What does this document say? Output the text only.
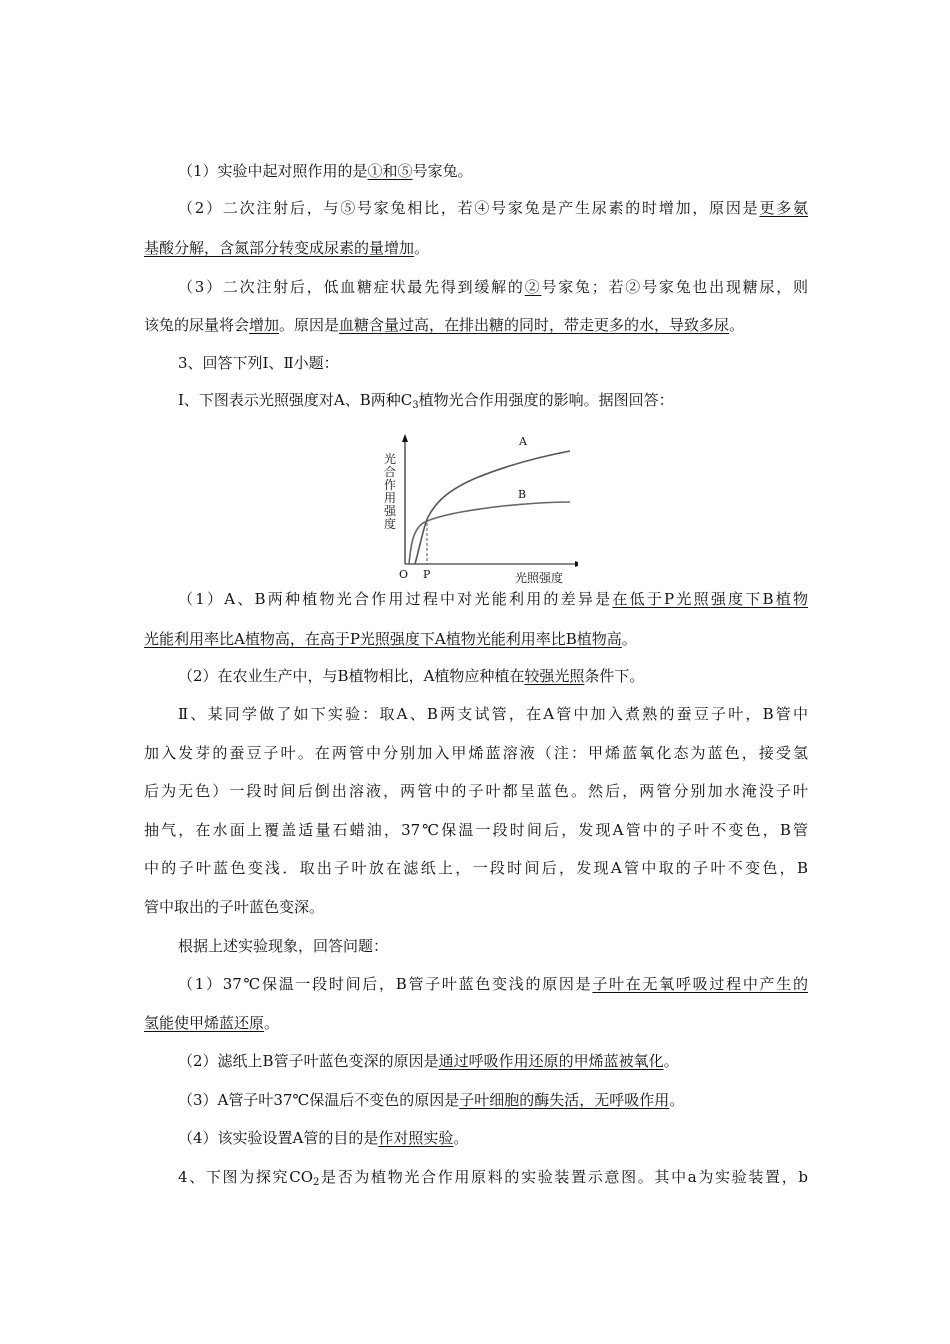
（1）实验中起对照作用的是①和⑤号家兔。
（2）二次注射后，与⑤号家兔相比，若④号家兔是产生尿素的时增加，原因是更多氨
基酸分解，含氮部分转变成尿素的量增加。
（3）二次注射后，低血糖症状最先得到缓解的②号家兔；若②号家兔也出现糖尿，则
该兔的尿量将会增加。原因是血糖含量过高，在排出糖的同时，带走更多的水，导致多尿。
3、回答下列Ⅰ、Ⅱ小题：
Ⅰ、下图表示光照强度对A、B两种$C_3$植物光合作用强度的影响。据图回答：
光
合
作
用
强
度
A
B
O P	光照强度
（1）A、B两种植物光合作用过程中对光能利用的差异是在低于P光照强度下B植物
光能利用率比A植物高，在高于P光照强度下A植物光能利用率比B植物高。
（2）在农业生产中，与B植物相比，A植物应种植在较强光照条件下。
Ⅱ、某同学做了如下实验：取A、B两支试管，在A管中加入煮熟的蚕豆子叶，B管中
加入发芽的蚕豆子叶。在两管中分别加入甲烯蓝溶液（注：甲烯蓝氧化态为蓝色，接受氢
后为无色）一段时间后倒出溶液，两管中的子叶都呈蓝色。然后，两管分别加水淹没子叶
抽气，在水面上覆盖适量石蜡油，37℃保温一段时间后，发现A管中的子叶不变色，B管
中的子叶蓝色变浅．取出子叶放在滤纸上，一段时间后，发现A管中取的子叶不变色，B
管中取出的子叶蓝色变深。
根据上述实验现象，回答问题：
（1）37℃保温一段时间后，B管子叶蓝色变浅的原因是子叶在无氧呼吸过程中产生的
氢能使甲烯蓝还原。
（2）滤纸上B管子叶蓝色变深的原因是通过呼吸作用还原的甲烯蓝被氧化。
（3）A管子叶37℃保温后不变色的原因是子叶细胞的酶失活，无呼吸作用。
（4）该实验设置A管的目的是作对照实验。
4、下图为探究$CO_2$是否为植物光合作用原料的实验装置示意图。其中a为实验装置，b
